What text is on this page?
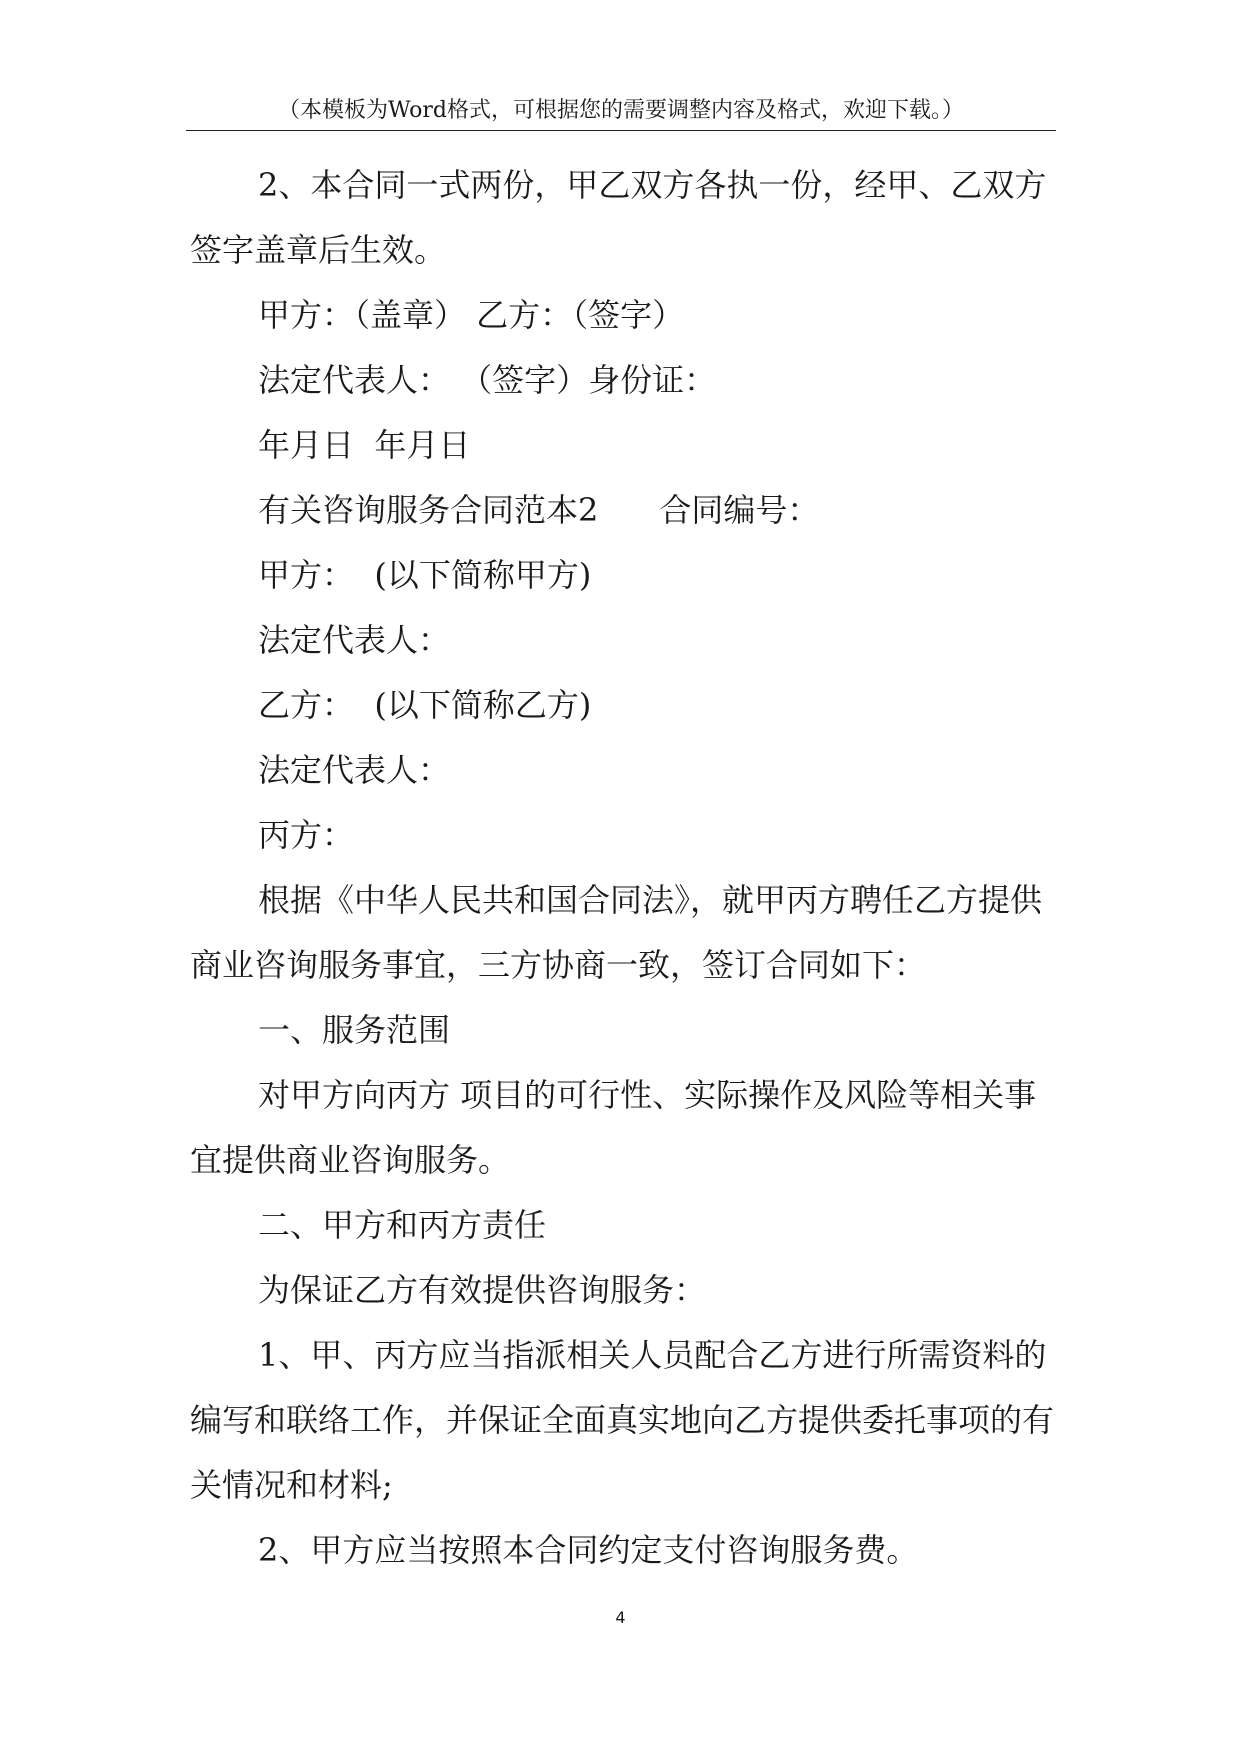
（本模板为Word格式，可根据您的需要调整内容及格式，欢迎下载。）

2、本合同一式两份，甲乙双方各执一份，经甲、乙双方签字盖章后生效。

甲方：（盖章） 乙方：（签字）

法定代表人： （签字）身份证：

年月日  年月日

有关咨询服务合同范本2      合同编号：

甲方：  (以下简称甲方)

法定代表人：

乙方：  (以下简称乙方)

法定代表人：

丙方：

根据《中华人民共和国合同法》，就甲丙方聘任乙方提供商业咨询服务事宜，三方协商一致，签订合同如下：

一、服务范围

对甲方向丙方 项目的可行性、实际操作及风险等相关事宜提供商业咨询服务。

二、甲方和丙方责任

为保证乙方有效提供咨询服务：

1、甲、丙方应当指派相关人员配合乙方进行所需资料的编写和联络工作，并保证全面真实地向乙方提供委托事项的有关情况和材料;

2、甲方应当按照本合同约定支付咨询服务费。

4
